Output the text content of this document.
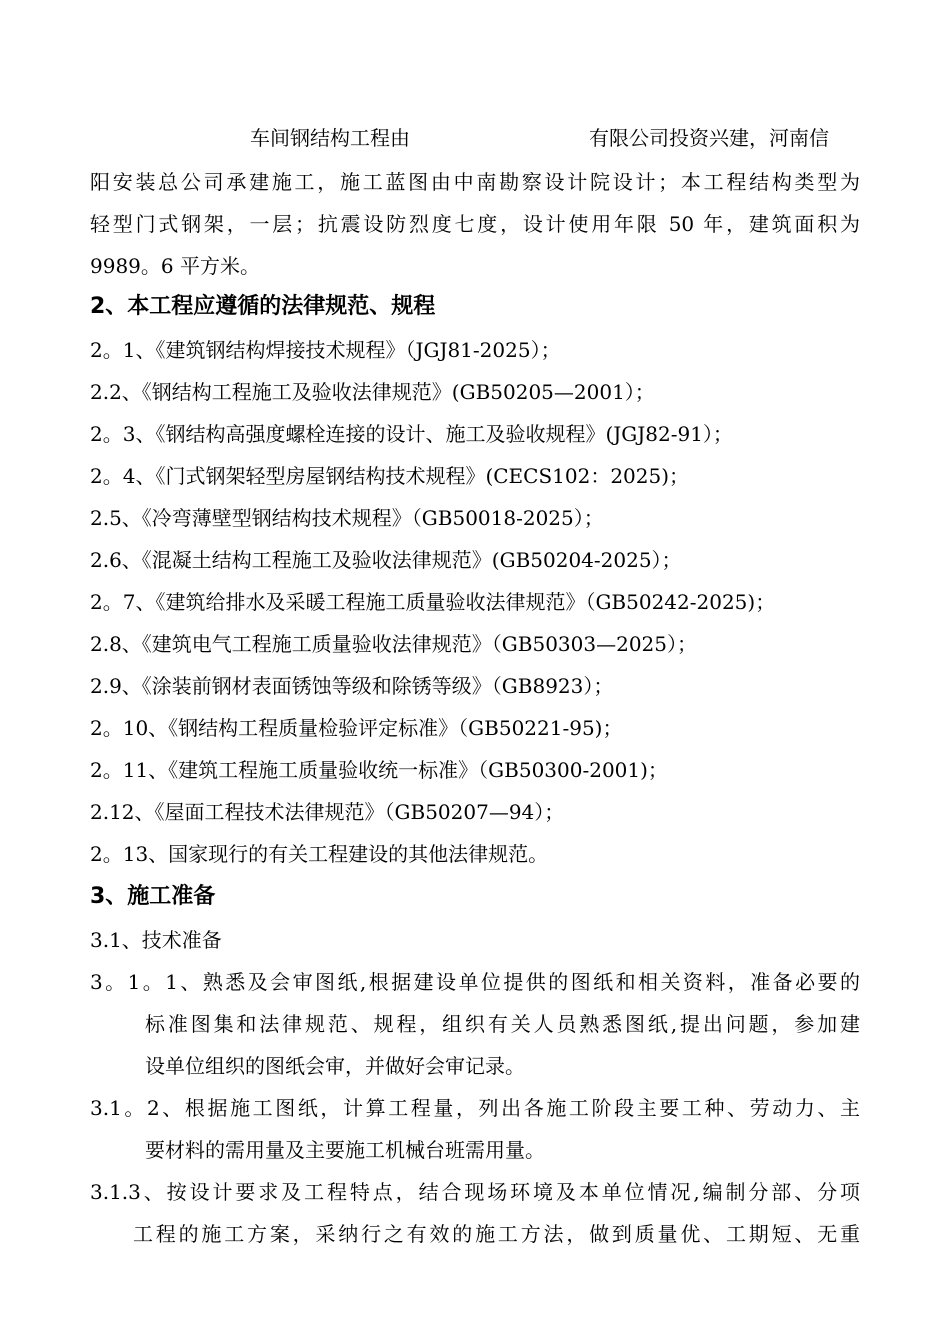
车间钢结构工程由	有限公司投资兴建，河南信
阳安装总公司承建施工，施工蓝图由中南勘察设计院设计；本工程结构类型为
轻型门式钢架，一层；抗震设防烈度七度，设计使用年限 50 年，建筑面积为
9989。6 平方米。
2、本工程应遵循的法律规范、规程
2。1、《建筑钢结构焊接技术规程》（JGJ81-2025）；
2.2、《钢结构工程施工及验收法律规范》(GB50205—2001）；
2。3、《钢结构高强度螺栓连接的设计、施工及验收规程》(JGJ82-91）；
2。4、《门式钢架轻型房屋钢结构技术规程》(CECS102：2025)；
2.5、《冷弯薄壁型钢结构技术规程》（GB50018-2025）；
2.6、《混凝土结构工程施工及验收法律规范》(GB50204-2025）；
2。7、《建筑给排水及采暖工程施工质量验收法律规范》（GB50242-2025)；
2.8、《建筑电气工程施工质量验收法律规范》（GB50303—2025）；
2.9、《涂装前钢材表面锈蚀等级和除锈等级》（GB8923）；
2。10、《钢结构工程质量检验评定标准》（GB50221-95)；
2。11、《建筑工程施工质量验收统一标准》（GB50300-2001)；
2.12、《屋面工程技术法律规范》（GB50207—94）；
2。13、国家现行的有关工程建设的其他法律规范。
3、施工准备
3.1、技术准备
3。1。1、熟悉及会审图纸,根据建设单位提供的图纸和相关资料，准备必要的
标准图集和法律规范、规程，组织有关人员熟悉图纸,提出问题，参加建
设单位组织的图纸会审，并做好会审记录。
3.1。2、根据施工图纸，计算工程量，列出各施工阶段主要工种、劳动力、主
要材料的需用量及主要施工机械台班需用量。
3.1.3、按设计要求及工程特点，结合现场环境及本单位情况,编制分部、分项
工程的施工方案，采纳行之有效的施工方法，做到质量优、工期短、无重
